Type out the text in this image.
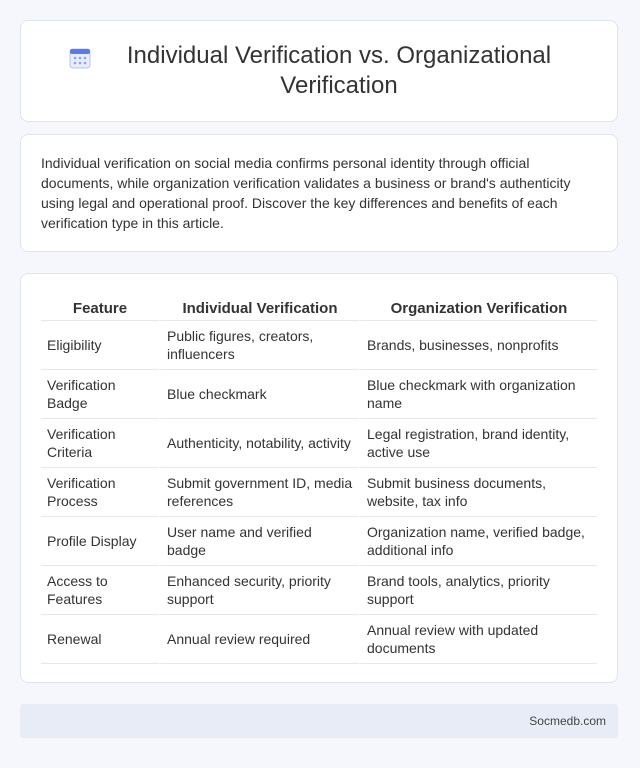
Individual Verification vs. Organizational Verification

Individual verification on social media confirms personal identity through official documents, while organization verification validates a business or brand's authenticity using legal and operational proof. Discover the key differences and benefits of each verification type in this article.

Feature	Individual Verification	Organization Verification
Eligibility	Public figures, creators, influencers	Brands, businesses, nonprofits
Verification Badge	Blue checkmark	Blue checkmark with organization name
Verification Criteria	Authenticity, notability, activity	Legal registration, brand identity, active use
Verification Process	Submit government ID, media references	Submit business documents, website, tax info
Profile Display	User name and verified badge	Organization name, verified badge, additional info
Access to Features	Enhanced security, priority support	Brand tools, analytics, priority support
Renewal	Annual review required	Annual review with updated documents
Socmedb.com
